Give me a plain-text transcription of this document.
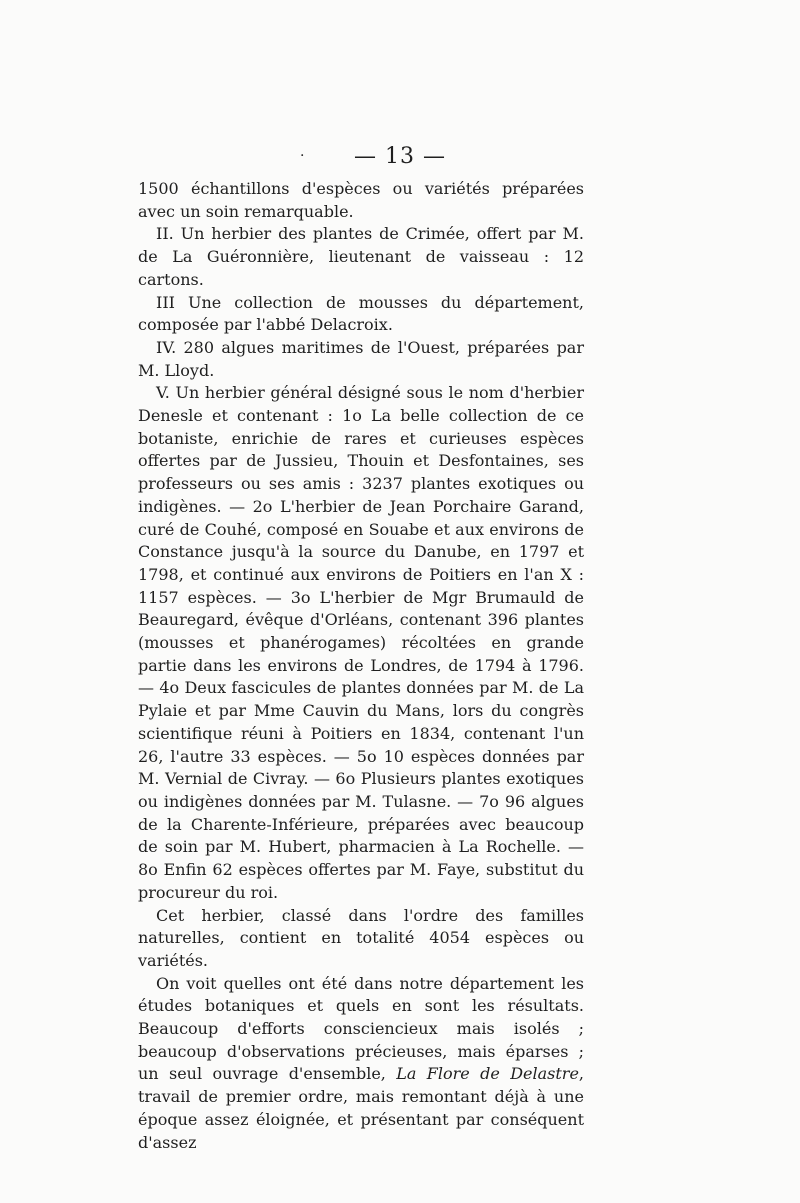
· — 13 —

1500 échantillons d'espèces ou variétés préparées avec un soin remarquable.

II. Un herbier des plantes de Crimée, offert par M. de La Guéronnière, lieutenant de vaisseau : 12 cartons.

III Une collection de mousses du département, composée par l'abbé Delacroix.

IV. 280 algues maritimes de l'Ouest, préparées par M. Lloyd.

V. Un herbier général désigné sous le nom d'herbier Denesle et contenant : 1o La belle collection de ce botaniste, enrichie de rares et curieuses espèces offertes par de Jussieu, Thouin et Desfontaines, ses professeurs ou ses amis : 3237 plantes exotiques ou indigènes. — 2o L'herbier de Jean Porchaire Garand, curé de Couhé, composé en Souabe et aux environs de Constance jusqu'à la source du Danube, en 1797 et 1798, et continué aux environs de Poitiers en l'an X : 1157 espèces. — 3o L'herbier de Mgr Brumauld de Beauregard, évêque d'Orléans, contenant 396 plantes (mousses et phanérogames) récoltées en grande partie dans les environs de Londres, de 1794 à 1796. — 4o Deux fascicules de plantes données par M. de La Pylaie et par Mme Cauvin du Mans, lors du congrès scientifique réuni à Poitiers en 1834, contenant l'un 26, l'autre 33 espèces. — 5o 10 espèces données par M. Vernial de Civray. — 6o Plusieurs plantes exotiques ou indigènes données par M. Tulasne. — 7o 96 algues de la Charente-Inférieure, préparées avec beaucoup de soin par M. Hubert, pharmacien à La Rochelle. — 8o Enfin 62 espèces offertes par M. Faye, substitut du procureur du roi.

Cet herbier, classé dans l'ordre des familles naturelles, contient en totalité 4054 espèces ou variétés.

On voit quelles ont été dans notre département les études botaniques et quels en sont les résultats. Beaucoup d'efforts consciencieux mais isolés ; beaucoup d'observations précieuses, mais éparses ; un seul ouvrage d'ensemble, La Flore de Delastre, travail de premier ordre, mais remontant déjà à une époque assez éloignée, et présentant par conséquent d'assez
